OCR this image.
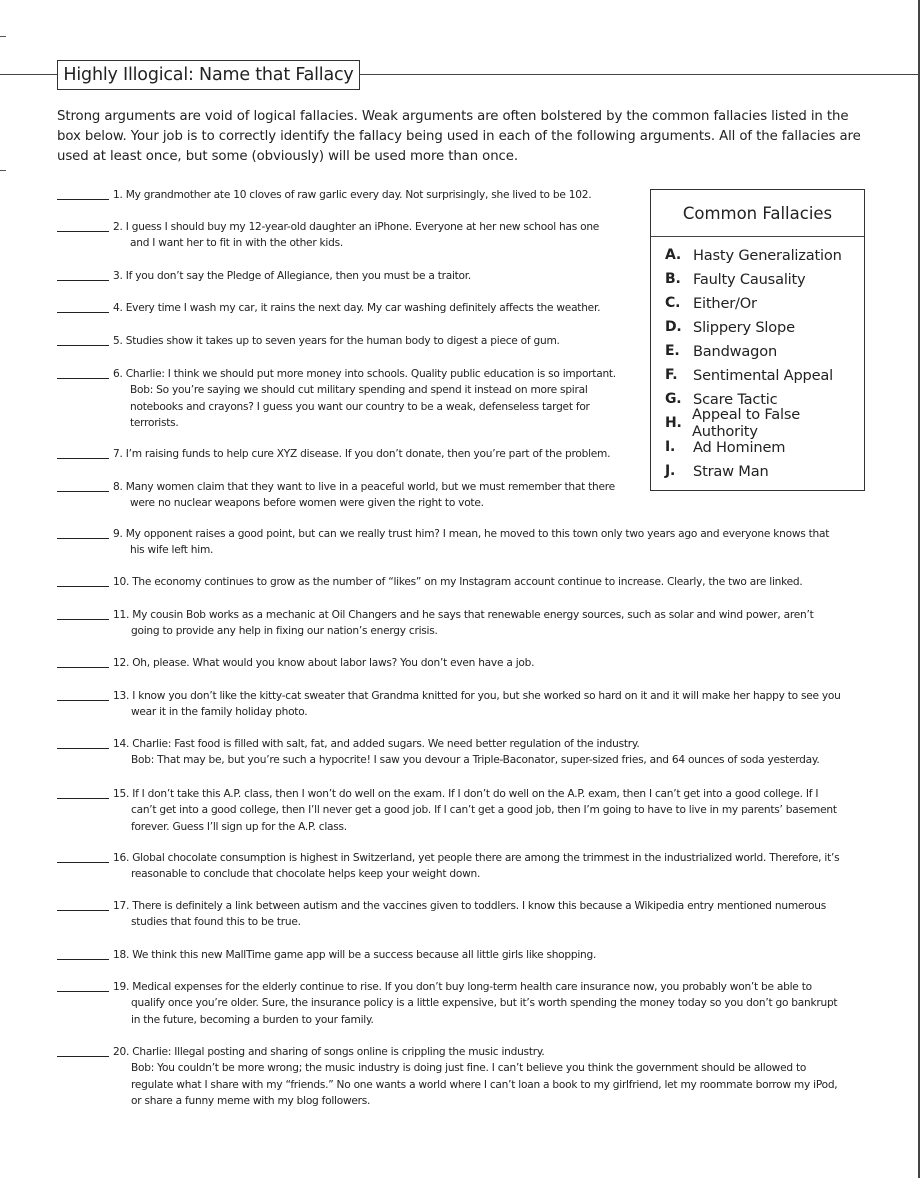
Highly Illogical: Name that Fallacy

Strong arguments are void of logical fallacies. Weak arguments are often bolstered by the common fallacies listed in the box below. Your job is to correctly identify the fallacy being used in each of the following arguments. All of the fallacies are used at least once, but some (obviously) will be used more than once.

Common Fallacies
A. Hasty Generalization
B. Faulty Causality
C. Either/Or
D. Slippery Slope
E. Bandwagon
F.	Sentimental Appeal
G. Scare Tactic
H. Appeal to False Authority
I.	Ad Hominem
J.	Straw Man
1. My grandmother ate 10 cloves of raw garlic every day. Not surprisingly, she lived to be 102.
2. I guess I should buy my 12-year-old daughter an iPhone. Everyone at her new school has one
and I want her to fit in with the other kids.
3. If you don’t say the Pledge of Allegiance, then you must be a traitor.
4. Every time I wash my car, it rains the next day. My car washing definitely affects the weather.
5. Studies show it takes up to seven years for the human body to digest a piece of gum.
6. Charlie: I think we should put more money into schools. Quality public education is so important.
Bob: So you’re saying we should cut military spending and spend it instead on more spiral
notebooks and crayons? I guess you want our country to be a weak, defenseless target for
terrorists.
7. I’m raising funds to help cure XYZ disease. If you don’t donate, then you’re part of the problem.
8. Many women claim that they want to live in a peaceful world, but we must remember that there
were no nuclear weapons before women were given the right to vote.
9. My opponent raises a good point, but can we really trust him? I mean, he moved to this town only two years ago and everyone knows that
his wife left him.
10. The economy continues to grow as the number of “likes” on my Instagram account continue to increase. Clearly, the two are linked.
11. My cousin Bob works as a mechanic at Oil Changers and he says that renewable energy sources, such as solar and wind power, aren’t
going to provide any help in fixing our nation’s energy crisis.
12. Oh, please. What would you know about labor laws? You don’t even have a job.
13. I know you don’t like the kitty-cat sweater that Grandma knitted for you, but she worked so hard on it and it will make her happy to see you
wear it in the family holiday photo.
14. Charlie: Fast food is filled with salt, fat, and added sugars. We need better regulation of the industry.
Bob: That may be, but you’re such a hypocrite! I saw you devour a Triple-Baconator, super-sized fries, and 64 ounces of soda yesterday.
15. If I don’t take this A.P. class, then I won’t do well on the exam. If I don’t do well on the A.P. exam, then I can’t get into a good college. If I
can’t get into a good college, then I’ll never get a good job. If I can’t get a good job, then I’m going to have to live in my parents’ basement
forever. Guess I’ll sign up for the A.P. class.
16. Global chocolate consumption is highest in Switzerland, yet people there are among the trimmest in the industrialized world. Therefore, it’s
reasonable to conclude that chocolate helps keep your weight down.
17. There is definitely a link between autism and the vaccines given to toddlers. I know this because a Wikipedia entry mentioned numerous
studies that found this to be true.
18. We think this new MallTime game app will be a success because all little girls like shopping.
19. Medical expenses for the elderly continue to rise. If you don’t buy long-term health care insurance now, you probably won’t be able to
qualify once you’re older. Sure, the insurance policy is a little expensive, but it’s worth spending the money today so you don’t go bankrupt
in the future, becoming a burden to your family.
20. Charlie: Illegal posting and sharing of songs online is crippling the music industry.
Bob: You couldn’t be more wrong; the music industry is doing just fine. I can’t believe you think the government should be allowed to
regulate what I share with my “friends.” No one wants a world where I can’t loan a book to my girlfriend, let my roommate borrow my iPod,
or share a funny meme with my blog followers.
